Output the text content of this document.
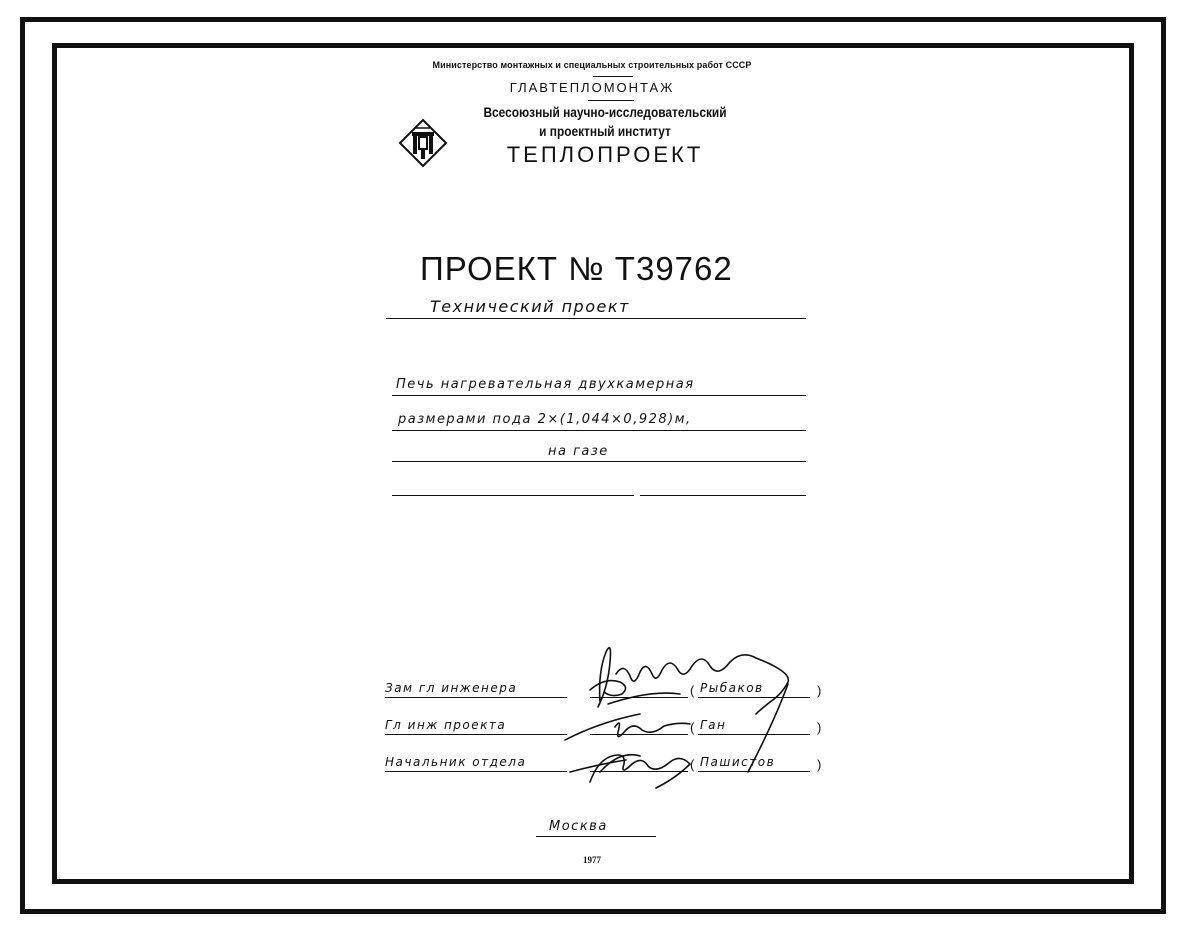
Министерство монтажных и специальных строительных работ СССР
ГЛАВТЕПЛОМОНТАЖ
Всесоюзный научно-исследовательский
и проектный институт
ТЕПЛОПРОЕКТ
ПРОЕКТ № Т39762
Технический проект
Печь нагревательная двухкамерная
размерами пода 2×(1,044×0,928)м,
на газе
Зам гл инженера	( Рыбаков	)
Гл инж проекта	( Ган	)
Начальник отдела	( Пашистов	)
Москва
1977
